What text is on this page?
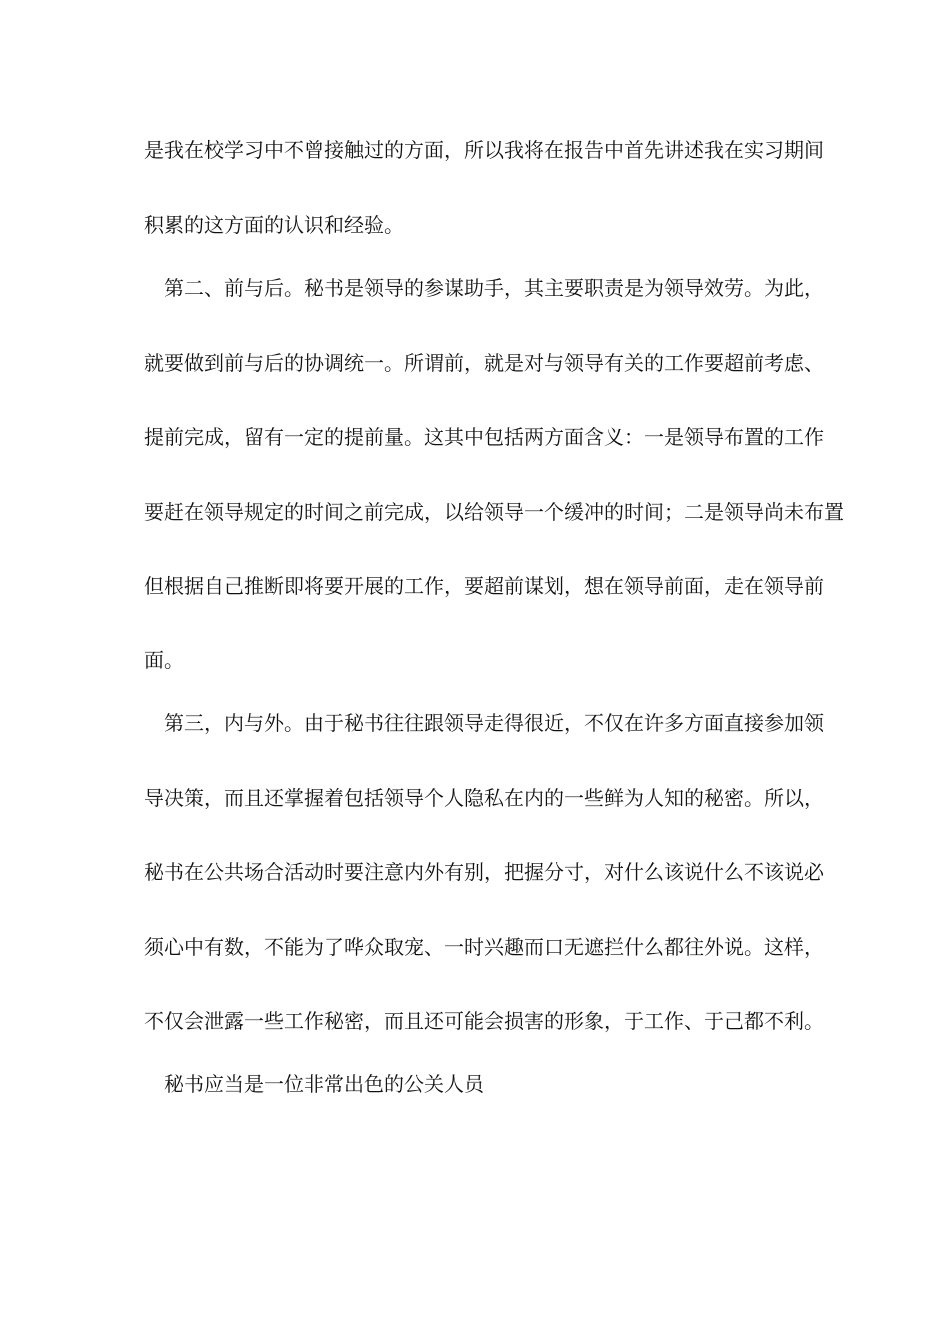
是我在校学习中不曾接触过的方面，所以我将在报告中首先讲述我在实习期间
积累的这方面的认识和经验。
第二、前与后。秘书是领导的参谋助手，其主要职责是为领导效劳。为此，
就要做到前与后的协调统一。所谓前，就是对与领导有关的工作要超前考虑、
提前完成，留有一定的提前量。这其中包括两方面含义：一是领导布置的工作
要赶在领导规定的时间之前完成，以给领导一个缓冲的时间；二是领导尚未布置
但根据自己推断即将要开展的工作，要超前谋划，想在领导前面，走在领导前
面。
第三，内与外。由于秘书往往跟领导走得很近，不仅在许多方面直接参加领
导决策，而且还掌握着包括领导个人隐私在内的一些鲜为人知的秘密。所以，
秘书在公共场合活动时要注意内外有别，把握分寸，对什么该说什么不该说必
须心中有数，不能为了哗众取宠、一时兴趣而口无遮拦什么都往外说。这样，
不仅会泄露一些工作秘密，而且还可能会损害的形象，于工作、于己都不利。
秘书应当是一位非常出色的公关人员
